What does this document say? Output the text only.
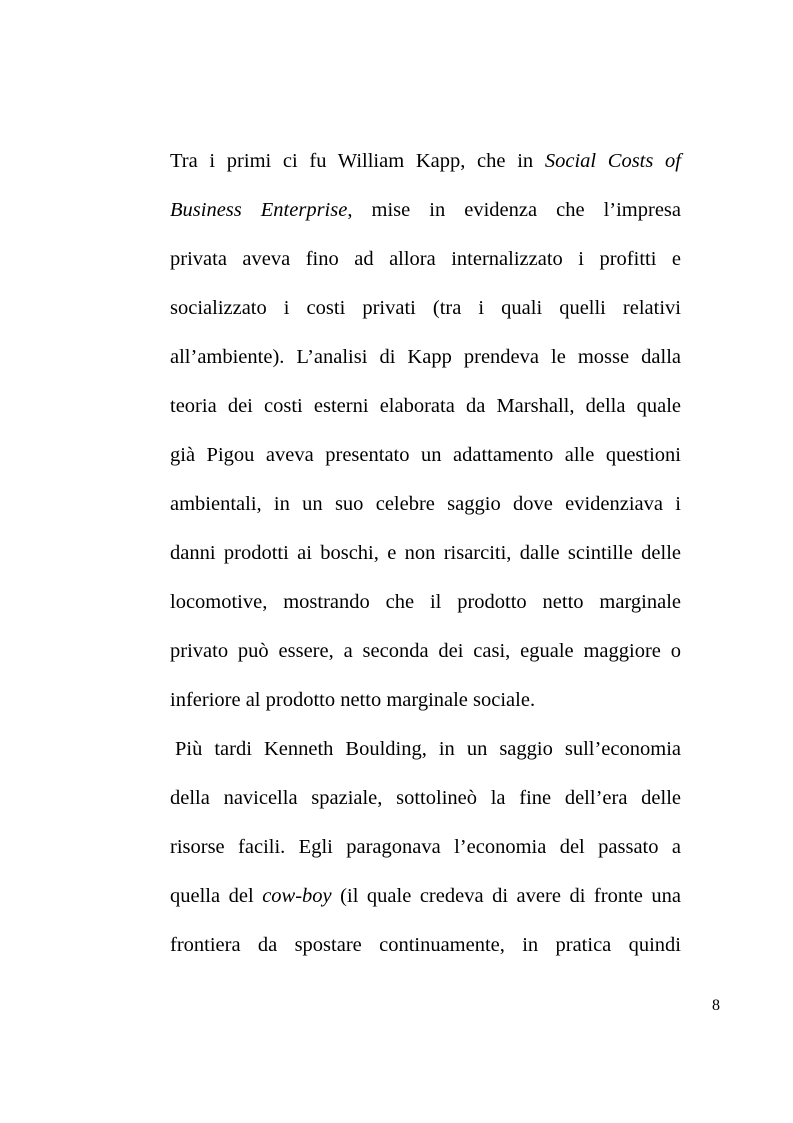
Tra i primi ci fu William Kapp, che in Social Costs of
Business Enterprise, mise in evidenza che l’impresa
privata aveva fino ad allora internalizzato i profitti e
socializzato i costi privati (tra i quali quelli relativi
all’ambiente). L’analisi di Kapp prendeva le mosse dalla
teoria dei costi esterni elaborata da Marshall, della quale
già Pigou aveva presentato un adattamento alle questioni
ambientali, in un suo celebre saggio dove evidenziava i
danni prodotti ai boschi, e non risarciti, dalle scintille delle
locomotive, mostrando che il prodotto netto marginale
privato può essere, a seconda dei casi, eguale maggiore o
inferiore al prodotto netto marginale sociale.
Più tardi Kenneth Boulding, in un saggio sull’economia
della navicella spaziale, sottolineò la fine dell’era delle
risorse facili. Egli paragonava l’economia del passato a
quella del cow-boy (il quale credeva di avere di fronte una
frontiera da spostare continuamente, in pratica quindi
8
